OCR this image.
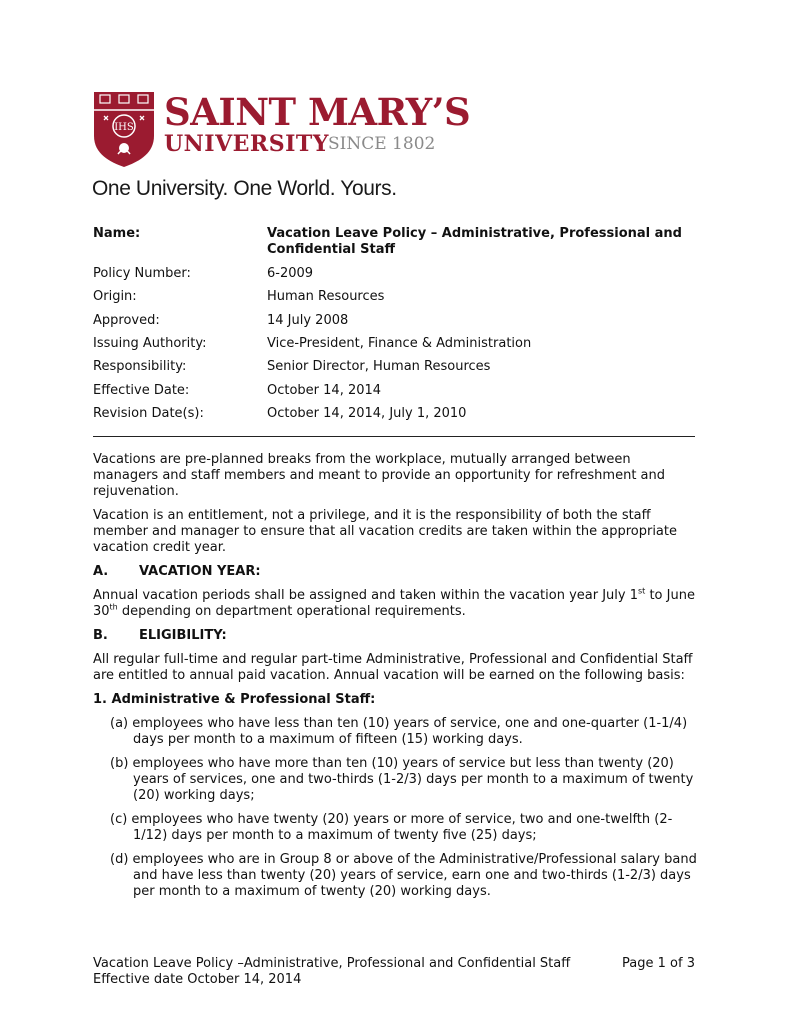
IHS SAINT MARY’S
UNIVERSITY SINCE 1802
One University. One World. Yours.
Name:	Vacation Leave Policy – Administrative, Professional and Confidential Staff
Policy Number:	6-2009
Origin:	Human Resources
Approved:	14 July 2008
Issuing Authority:	Vice-President, Finance & Administration
Responsibility:	Senior Director, Human Resources
Effective Date:	October 14, 2014
Revision Date(s):	October 14, 2014, July 1, 2010

Vacations are pre-planned breaks from the workplace, mutually arranged between managers and staff members and meant to provide an opportunity for refreshment and rejuvenation.

Vacation is an entitlement, not a privilege, and it is the responsibility of both the staff member and manager to ensure that all vacation credits are taken within the appropriate vacation credit year.

A. VACATION YEAR:

Annual vacation periods shall be assigned and taken within the vacation year July 1st to June 30th depending on department operational requirements.

B. ELIGIBILITY:

All regular full-time and regular part-time Administrative, Professional and Confidential Staff are entitled to annual paid vacation. Annual vacation will be earned on the following basis:

1. Administrative & Professional Staff:
(a) employees who have less than ten (10) years of service, one and one-quarter (1-1/4) days per month to a maximum of fifteen (15) working days.
(b) employees who have more than ten (10) years of service but less than twenty (20) years of services, one and two-thirds (1-2/3) days per month to a maximum of twenty (20) working days;
(c) employees who have twenty (20) years or more of service, two and one-twelfth (2-1/12) days per month to a maximum of twenty five (25) days;
(d) employees who are in Group 8 or above of the Administrative/Professional salary band and have less than twenty (20) years of service, earn one and two-thirds (1-2/3) days per month to a maximum of twenty (20) working days.
Vacation Leave Policy –Administrative, Professional and Confidential Staff	Page 1 of 3
Effective date October 14, 2014
